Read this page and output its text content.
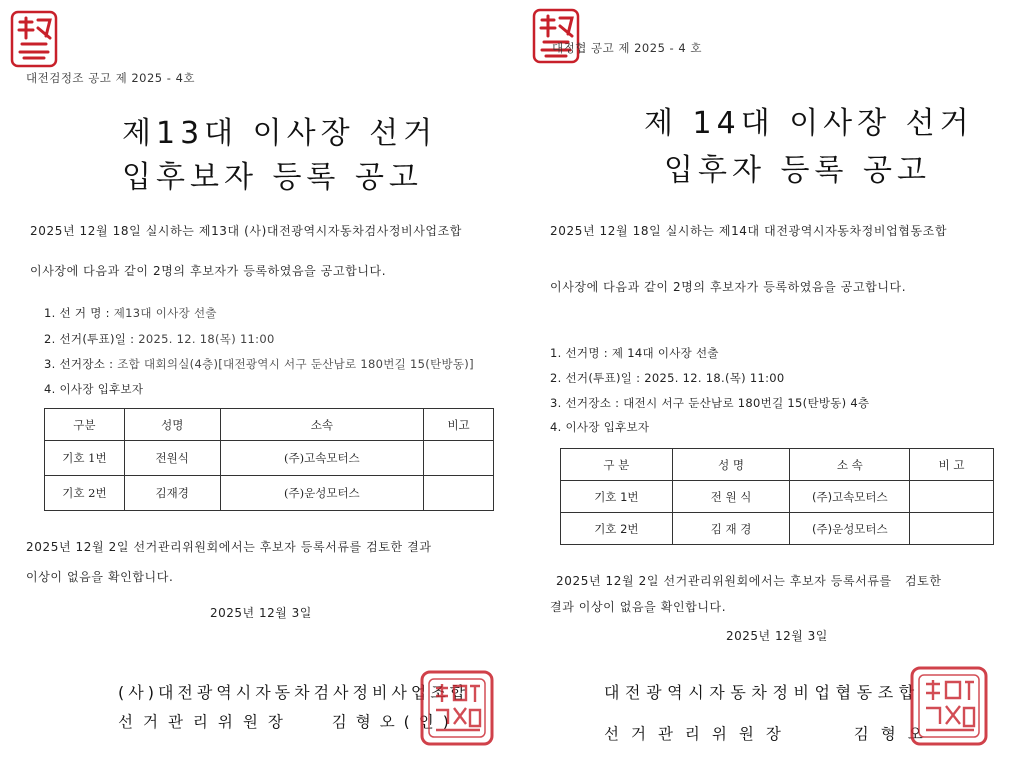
대전검정조 공고 제 2025 - 4호
제13대 이사장 선거
입후보자 등록 공고
2025년 12월 18일 실시하는 제13대 (사)대전광역시자동차검사정비사업조합
이사장에 다음과 같이 2명의 후보자가 등록하였음을 공고합니다.
1. 선 거 명 : 제13대 이사장 선출
2. 선거(투표)일 : 2025. 12. 18(목) 11:00
3. 선거장소 : 조합 대회의실(4층)[대전광역시 서구 둔산남로 180번길 15(탄방동)]
4. 이사장 입후보자
구분	성명	소속	비고
기호 1번	전원식	(주)고속모터스	
기호 2번	김재경	(주)운성모터스	
2025년 12월 2일 선거관리위원회에서는 후보자 등록서류를 검토한 결과
이상이 없음을 확인합니다.
2025년 12월 3일
(사)대전광역시자동차검사정비사업조합
선거관리위원장	김형오(인)
대정협 공고 제 2025 - 4 호
제 14대 이사장 선거
입후자 등록 공고
2025년 12월 18일 실시하는 제14대 대전광역시자동차정비업협동조합
이사장에 다음과 같이 2명의 후보자가 등록하였음을 공고합니다.
1. 선거명 : 제 14대 이사장 선출
2. 선거(투표)일 : 2025. 12. 18.(목) 11:00
3. 선거장소 : 대전시 서구 둔산남로 180번길 15(탄방동) 4층
4. 이사장 입후보자
구 분	성 명	소 속	비 고
기호 1번	전 원 식	(주)고속모터스	
기호 2번	김 재 경	(주)운성모터스	
2025년 12월 2일 선거관리위원회에서는 후보자 등록서류를   검토한
결과 이상이 없음을 확인합니다.
2025년 12월 3일
대전광역시자동차정비업협동조합
선거관리위원장	김형오
